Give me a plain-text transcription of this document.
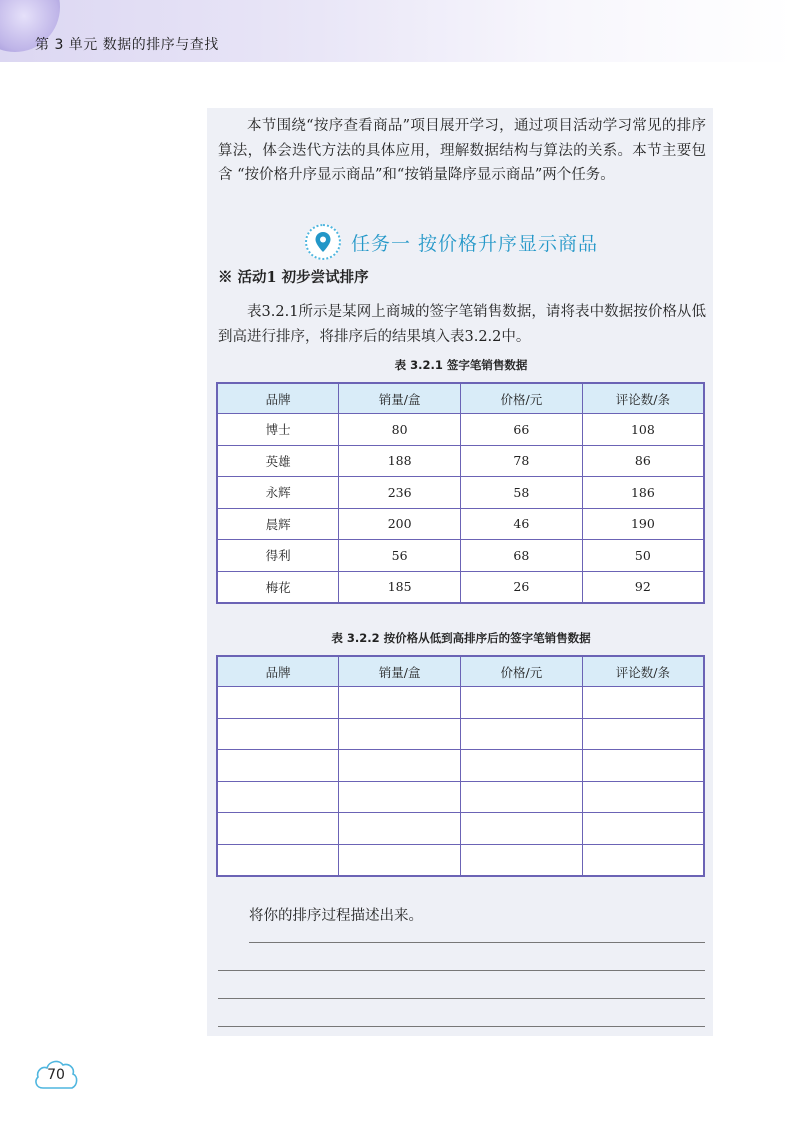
第 3 单元 数据的排序与查找

本节围绕“按序查看商品”项目展开学习，通过项目活动学习常见的排序算法，体会迭代方法的具体应用，理解数据结构与算法的关系。本节主要包含 “按价格升序显示商品”和“按销量降序显示商品”两个任务。

任务一 按价格升序显示商品
※ 活动1 初步尝试排序

表3.2.1所示是某网上商城的签字笔销售数据，请将表中数据按价格从低到高进行排序，将排序后的结果填入表3.2.2中。

表 3.2.1 签字笔销售数据
品牌	销量/盒	价格/元	评论数/条
博士	80	66	108
英雄	188	78	86
永辉	236	58	186
晨辉	200	46	190
得利	56	68	50
梅花	185	26	92
表 3.2.2 按价格从低到高排序后的签字笔销售数据
品牌	销量/盒	价格/元	评论数/条

将你的排序过程描述出来。
70
